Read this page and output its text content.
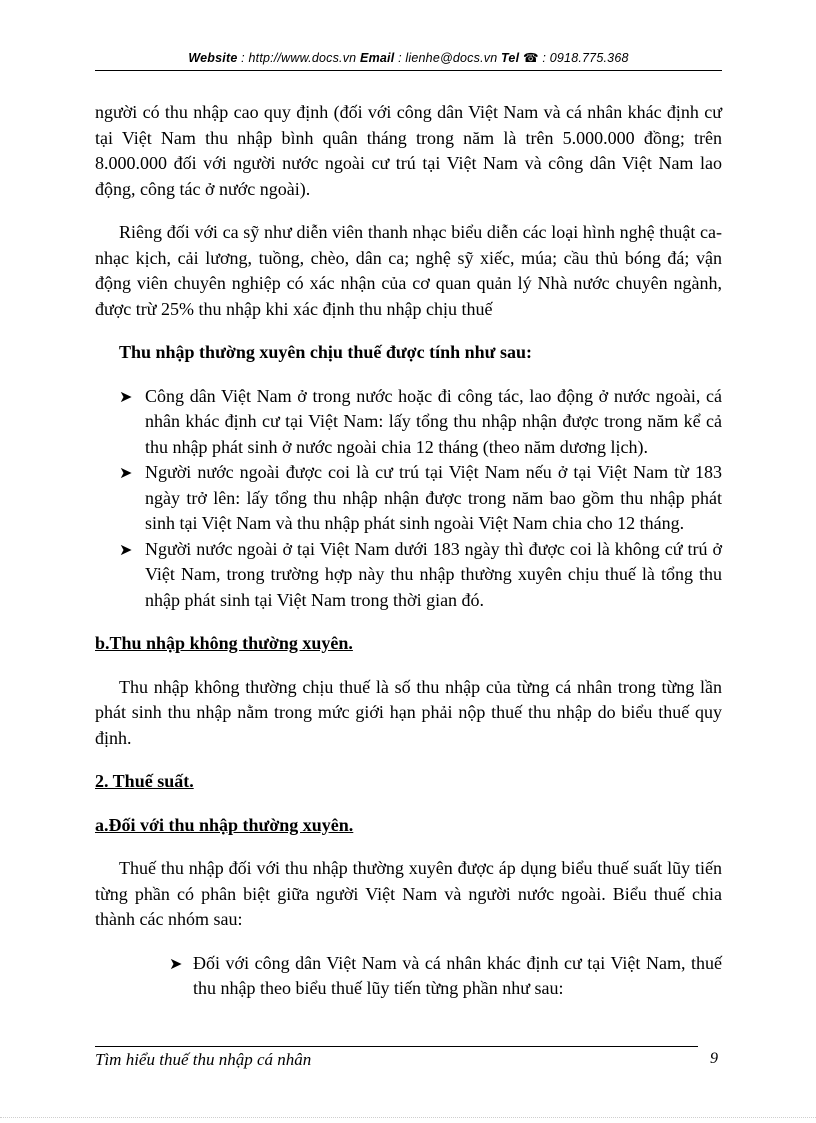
Website : http://www.docs.vn Email : lienhe@docs.vn Tel ☎ : 0918.775.368

người có thu nhập cao quy định (đối với công dân Việt Nam và cá nhân khác định cư tại Việt Nam thu nhập bình quân tháng trong năm là trên 5.000.000 đồng; trên 8.000.000 đối với người nước ngoài cư trú tại Việt Nam và công dân Việt Nam lao động, công tác ở nước ngoài).

Riêng đối với ca sỹ như diễn viên thanh nhạc biểu diễn các loại hình nghệ thuật ca-nhạc kịch, cải lương, tuồng, chèo, dân ca; nghệ sỹ xiếc, múa; cầu thủ bóng đá; vận động viên chuyên nghiệp có xác nhận của cơ quan quản lý Nhà nước chuyên ngành, được trừ 25% thu nhập khi xác định thu nhập chịu thuế

Thu nhập thường xuyên chịu thuế được tính như sau:

➤ Công dân Việt Nam ở trong nước hoặc đi công tác, lao động ở nước ngoài, cá nhân khác định cư tại Việt Nam: lấy tổng thu nhập nhận được trong năm kể cả thu nhập phát sinh ở nước ngoài chia 12 tháng (theo năm dương lịch).
➤ Người nước ngoài được coi là cư trú tại Việt Nam nếu ở tại Việt Nam từ 183 ngày trở lên: lấy tổng thu nhập nhận được trong năm bao gồm thu nhập phát sinh tại Việt Nam và thu nhập phát sinh ngoài Việt Nam chia cho 12 tháng.
➤ Người nước ngoài ở tại Việt Nam dưới 183 ngày thì được coi là không cứ trú ở Việt Nam, trong trường hợp này thu nhập thường xuyên chịu thuế là tổng thu nhập phát sinh tại Việt Nam trong thời gian đó.

b.Thu nhập không thường xuyên.

Thu nhập không thường chịu thuế là số thu nhập của từng cá nhân trong từng lần phát sinh thu nhập nằm trong mức giới hạn phải nộp thuế thu nhập do biểu thuế quy định.

2. Thuế suất.

a.Đối với thu nhập thường xuyên.

Thuế thu nhập đối với thu nhập thường xuyên được áp dụng biểu thuế suất lũy tiến từng phần có phân biệt giữa người Việt Nam và người nước ngoài. Biểu thuế chia thành các nhóm sau:

➤ Đối với công dân Việt Nam và cá nhân khác định cư tại Việt Nam, thuế thu nhập theo biểu thuế lũy tiến từng phần như sau:
Tìm hiểu thuế thu nhập cá nhân	9
